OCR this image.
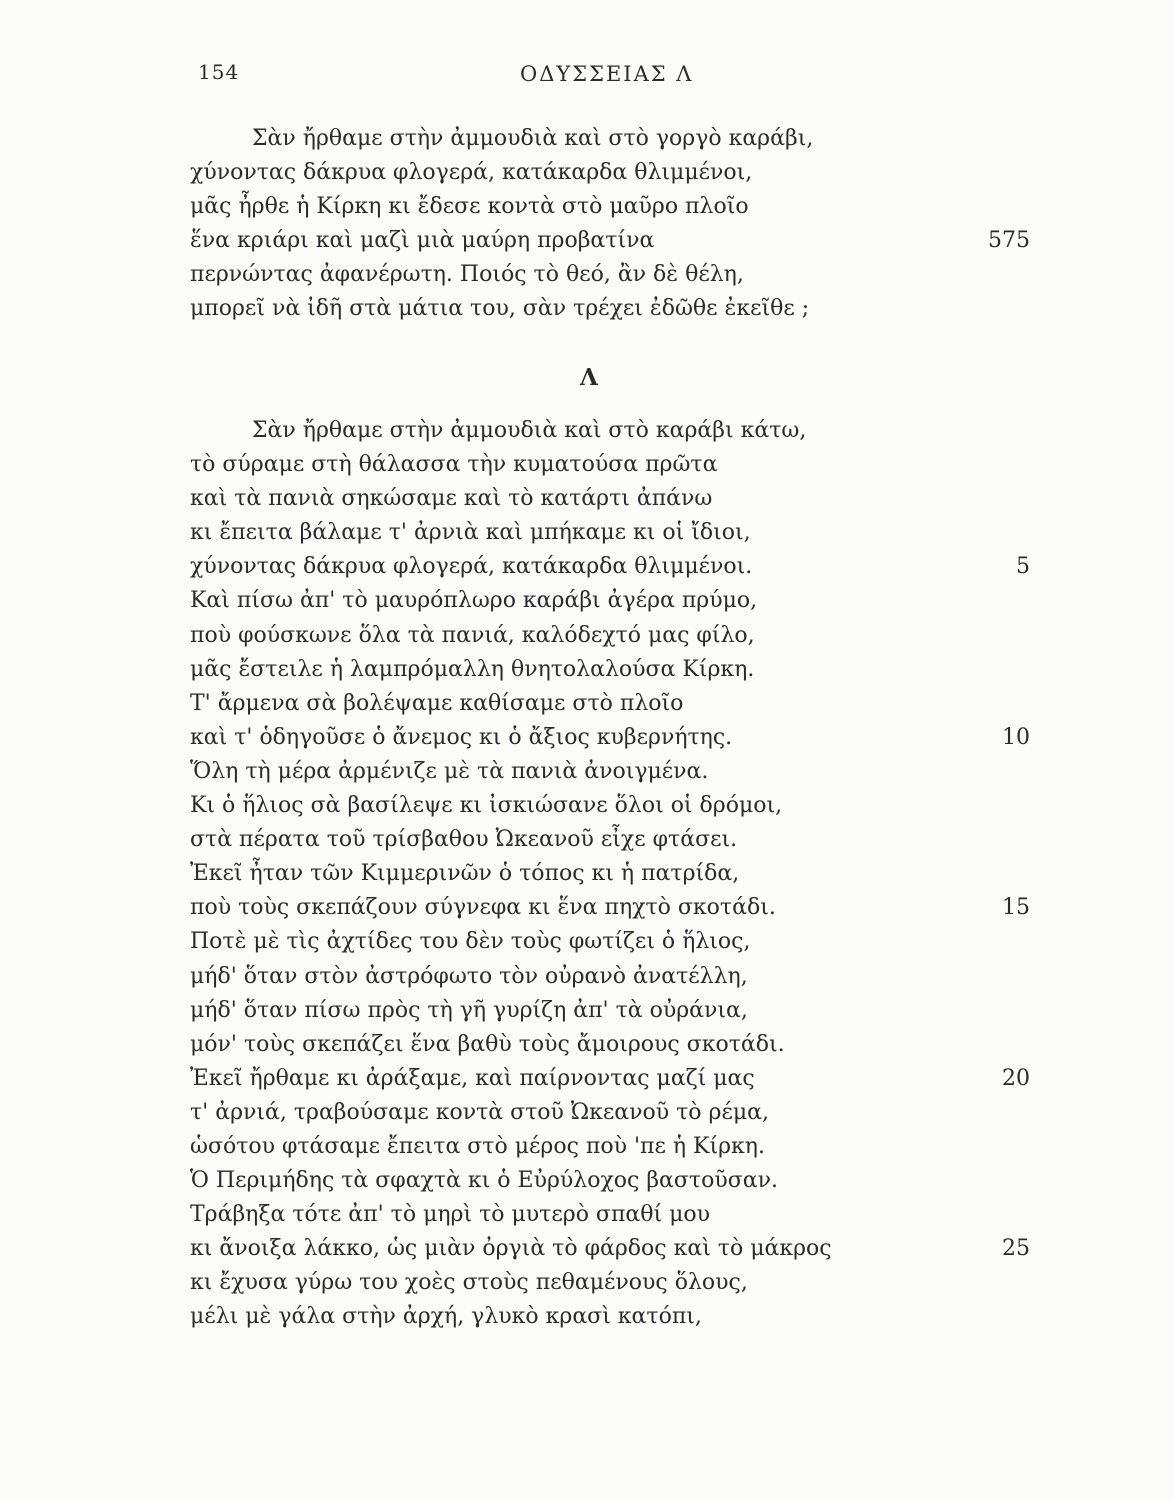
154	ΟΔΥΣΣΕΙΑΣ Λ
Σὰν ἤρθαμε στὴν ἀμμουδιὰ καὶ στὸ γοργὸ καράβι,
χύνοντας δάκρυα φλογερά, κατάκαρδα θλιμμένοι,
μᾶς ἦρθε ἡ Κίρκη κι ἔδεσε κοντὰ στὸ μαῦρο πλοῖο
ἕνα κριάρι καὶ μαζὶ μιὰ μαύρη προβατίνα	575
περνώντας ἀφανέρωτη. Ποιός τὸ θεό, ἂν δὲ θέλη,
μπορεῖ νὰ ἰδῆ στὰ μάτια του, σὰν τρέχει ἐδῶθε ἐκεῖθε ;
Λ
Σὰν ἤρθαμε στὴν ἀμμουδιὰ καὶ στὸ καράβι κάτω,
τὸ σύραμε στὴ θάλασσα τὴν κυματούσα πρῶτα
καὶ τὰ πανιὰ σηκώσαμε καὶ τὸ κατάρτι ἀπάνω
κι ἔπειτα βάλαμε τ' ἀρνιὰ καὶ μπήκαμε κι οἱ ἴδιοι,
χύνοντας δάκρυα φλογερά, κατάκαρδα θλιμμένοι.	5
Καὶ πίσω ἀπ' τὸ μαυρόπλωρο καράβι ἀγέρα πρύμο,
ποὺ φούσκωνε ὅλα τὰ πανιά, καλόδεχτό μας φίλο,
μᾶς ἔστειλε ἡ λαμπρόμαλλη θνητολαλούσα Κίρκη.
Τ' ἄρμενα σὰ βολέψαμε καθίσαμε στὸ πλοῖο
καὶ τ' ὁδηγοῦσε ὁ ἄνεμος κι ὁ ἄξιος κυβερνήτης.	10
Ὅλη τὴ μέρα ἀρμένιζε μὲ τὰ πανιὰ ἀνοιγμένα.
Κι ὁ ἥλιος σὰ βασίλεψε κι ἰσκιώσανε ὅλοι οἱ δρόμοι,
στὰ πέρατα τοῦ τρίσβαθου Ὠκεανοῦ εἶχε φτάσει.
Ἐκεῖ ἦταν τῶν Κιμμερινῶν ὁ τόπος κι ἡ πατρίδα,
ποὺ τοὺς σκεπάζουν σύγνεφα κι ἕνα πηχτὸ σκοτάδι.	15
Ποτὲ μὲ τὶς ἀχτίδες του δὲν τοὺς φωτίζει ὁ ἥλιος,
μήδ' ὅταν στὸν ἀστρόφωτο τὸν οὐρανὸ ἀνατέλλη,
μήδ' ὅταν πίσω πρὸς τὴ γῆ γυρίζη ἀπ' τὰ οὐράνια,
μόν' τοὺς σκεπάζει ἕνα βαθὺ τοὺς ἄμοιρους σκοτάδι.
Ἐκεῖ ἤρθαμε κι ἀράξαμε, καὶ παίρνοντας μαζί μας	20
τ' ἀρνιά, τραβούσαμε κοντὰ στοῦ Ὠκεανοῦ τὸ ρέμα,
ὡσότου φτάσαμε ἔπειτα στὸ μέρος ποὺ 'πε ἡ Κίρκη.
Ὁ Περιμήδης τὰ σφαχτὰ κι ὁ Εὐρύλοχος βαστοῦσαν.
Τράβηξα τότε ἀπ' τὸ μηρὶ τὸ μυτερὸ σπαθί μου
κι ἄνοιξα λάκκο, ὡς μιὰν ὀργιὰ τὸ φάρδος καὶ τὸ μάκρος	25
κι ἔχυσα γύρω του χοὲς στοὺς πεθαμένους ὅλους,
μέλι μὲ γάλα στὴν ἀρχή, γλυκὸ κρασὶ κατόπι,
